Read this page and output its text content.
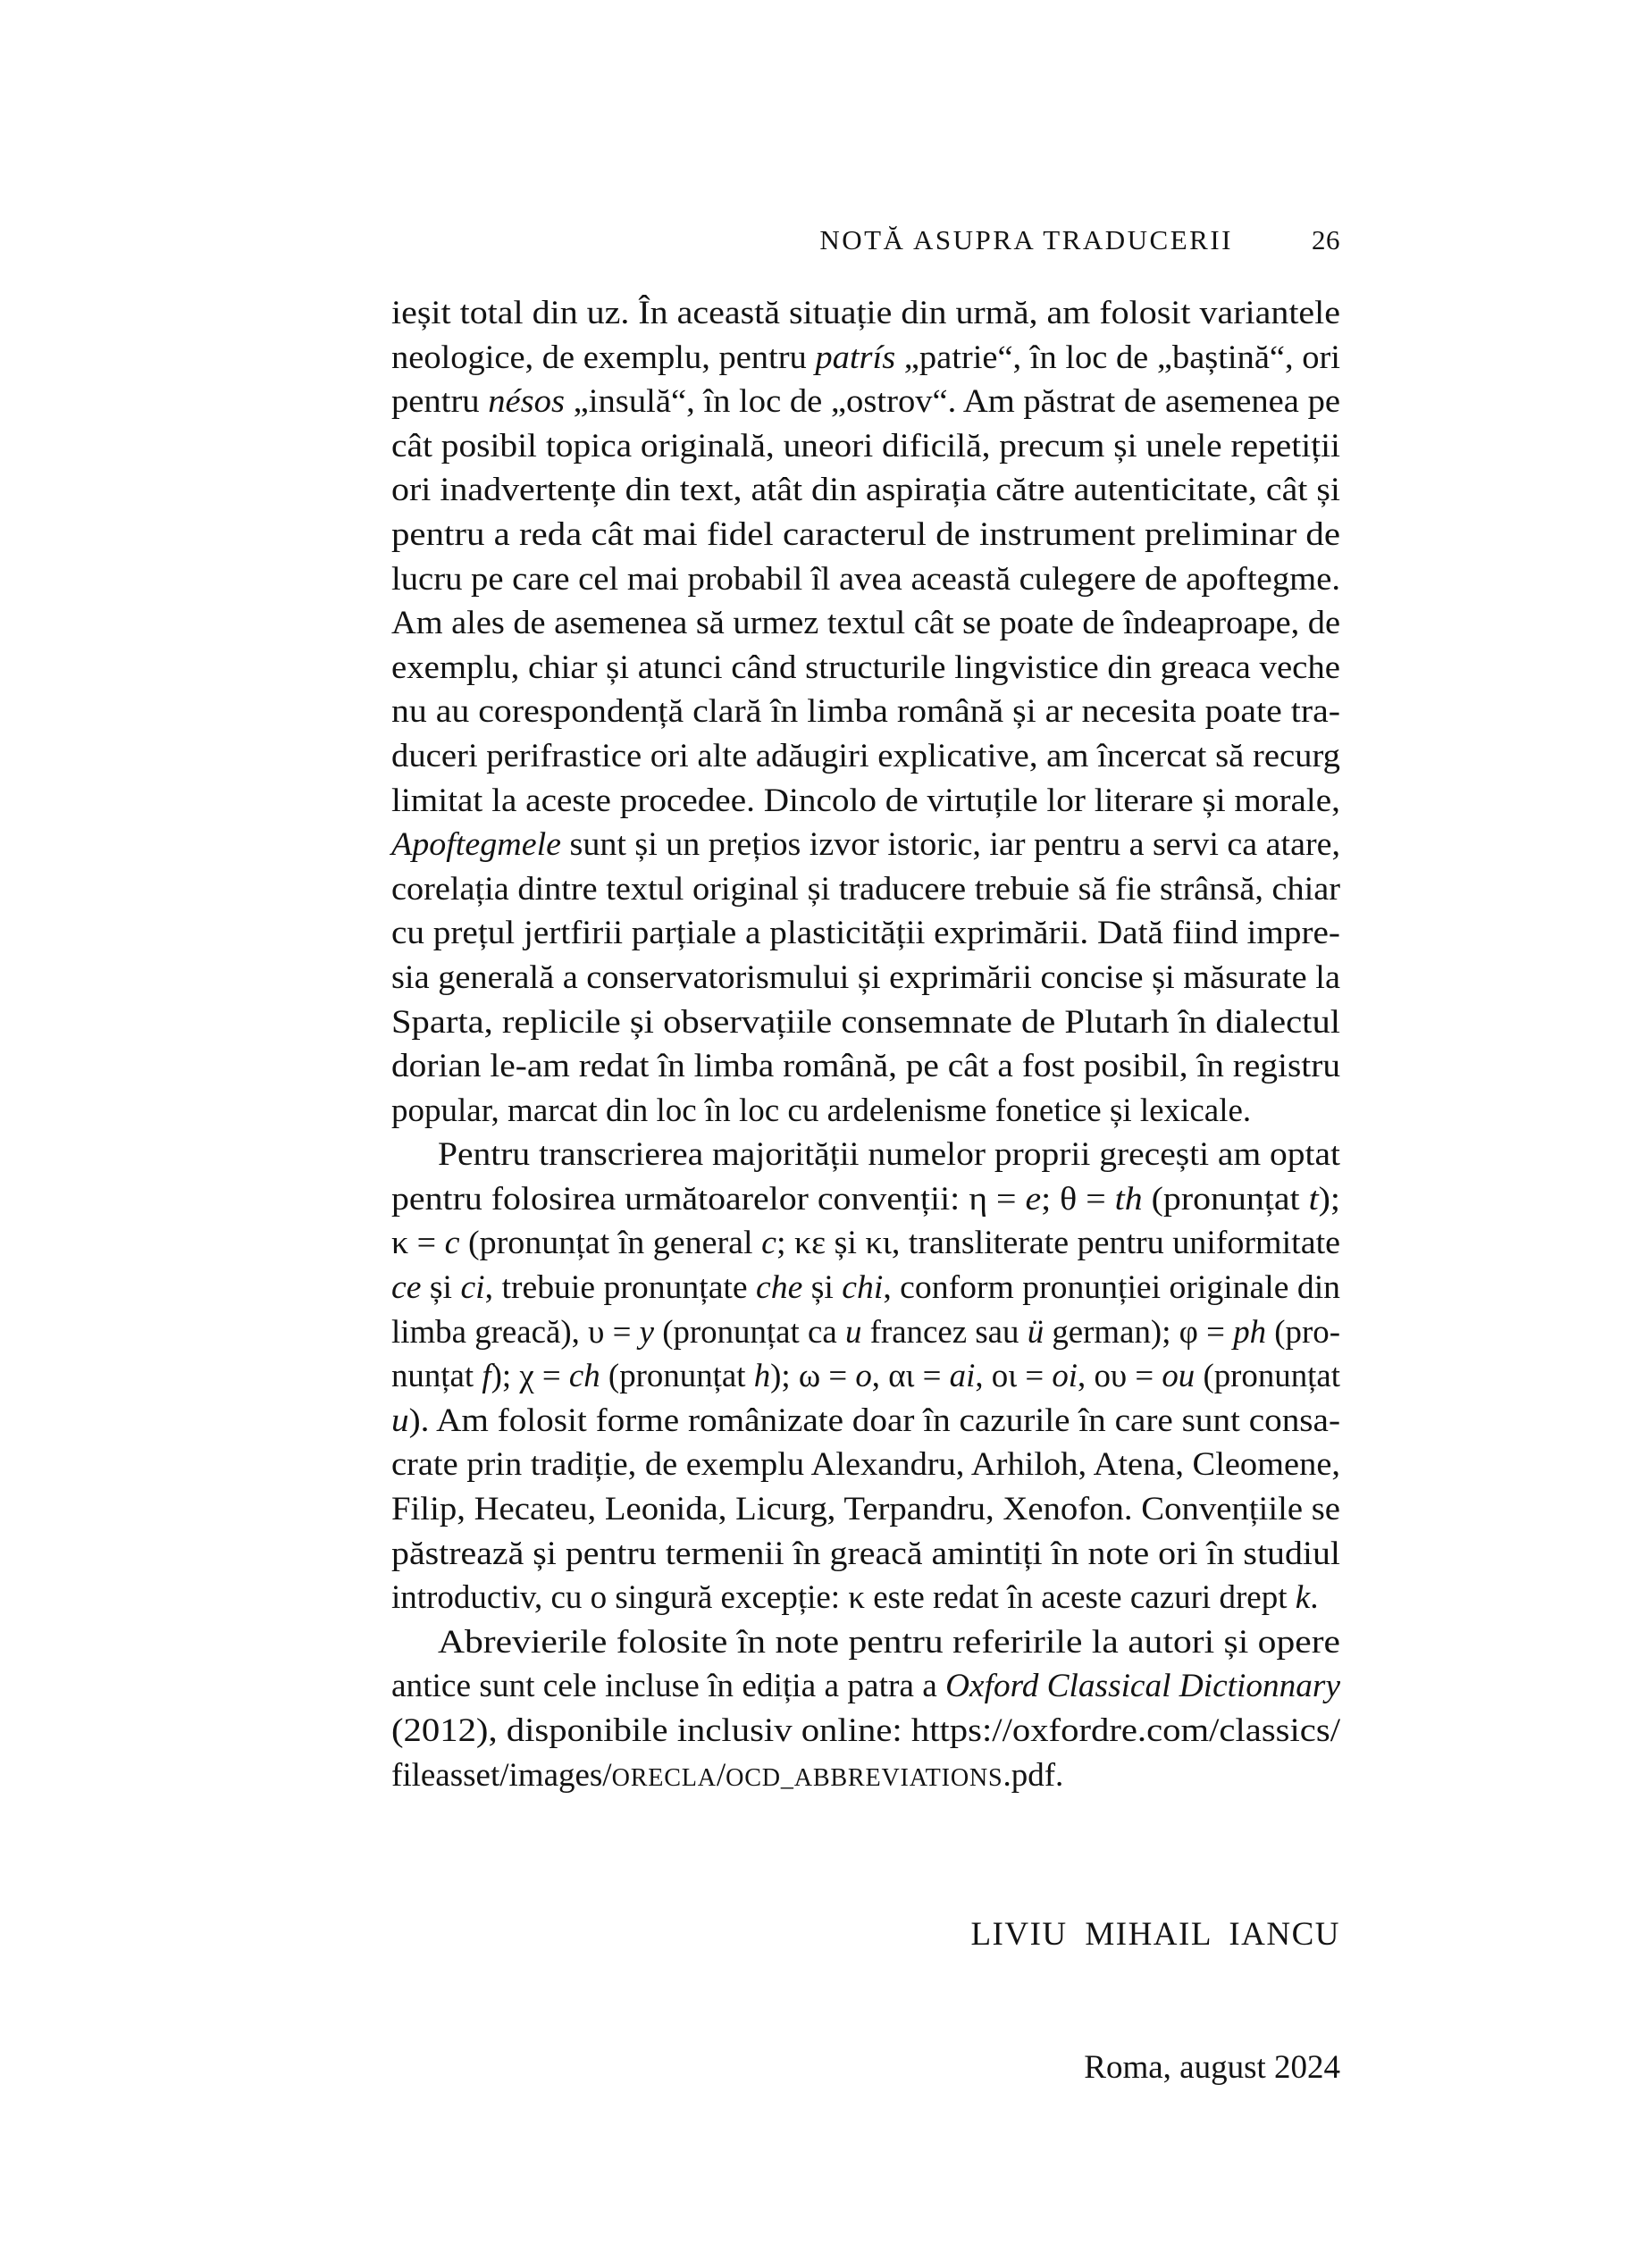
NOTĂ ASUPRA TRADUCERII	26
ieșit total din uz. În această situație din urmă, am folosit variantele
neologice, de exemplu, pentru patrís „patrie“, în loc de „baștină“, ori
pentru nésos „insulă“, în loc de „ostrov“. Am păstrat de asemenea pe
cât posibil topica originală, uneori dificilă, precum și unele repetiții
ori inadvertențe din text, atât din aspirația către autenticitate, cât și
pentru a reda cât mai fidel caracterul de instrument preliminar de
lucru pe care cel mai probabil îl avea această culegere de apoftegme.
Am ales de asemenea să urmez textul cât se poate de îndeaproape, de
exemplu, chiar și atunci când structurile lingvistice din greaca veche
nu au corespondență clară în limba română și ar necesita poate tra-
duceri perifrastice ori alte adăugiri explicative, am încercat să recurg
limitat la aceste procedee. Dincolo de virtuțile lor literare și morale,
Apoftegmele sunt și un prețios izvor istoric, iar pentru a servi ca atare,
corelația dintre textul original și traducere trebuie să fie strânsă, chiar
cu prețul jertfirii parțiale a plasticității exprimării. Dată fiind impre-
sia generală a conservatorismului și exprimării concise și măsurate la
Sparta, replicile și observațiile consemnate de Plutarh în dialectul
dorian le-am redat în limba română, pe cât a fost posibil, în registru
popular, marcat din loc în loc cu ardelenisme fonetice și lexicale.
Pentru transcrierea majorității numelor proprii grecești am optat
pentru folosirea următoarelor convenții: η = e; θ = th (pronunțat t);
κ = c (pronunțat în general c; κε și κι, transliterate pentru uniformitate
ce și ci, trebuie pronunțate che și chi, conform pronunției originale din
limba greacă), υ = y (pronunțat ca u francez sau ü german); φ = ph (pro-
nunțat f); χ = ch (pronunțat h); ω = o, αι = ai, οι = oi, ου = ou (pronunțat
u). Am folosit forme românizate doar în cazurile în care sunt consa-
crate prin tradiție, de exemplu Alexandru, Arhiloh, Atena, Cleomene,
Filip, Hecateu, Leonida, Licurg, Terpandru, Xenofon. Convențiile se
păstrează și pentru termenii în greacă amintiți în note ori în studiul
introductiv, cu o singură excepție: κ este redat în aceste cazuri drept k.
Abrevierile folosite în note pentru referirile la autori și opere
antice sunt cele incluse în ediția a patra a Oxford Classical Dictionnary
(2012), disponibile inclusiv online: https://oxfordre.com/classics/
fileasset/images/ORECLA/OCD_ABBREVIATIONS.pdf.

LIVIU MIHAIL IANCU

Roma, august 2024
